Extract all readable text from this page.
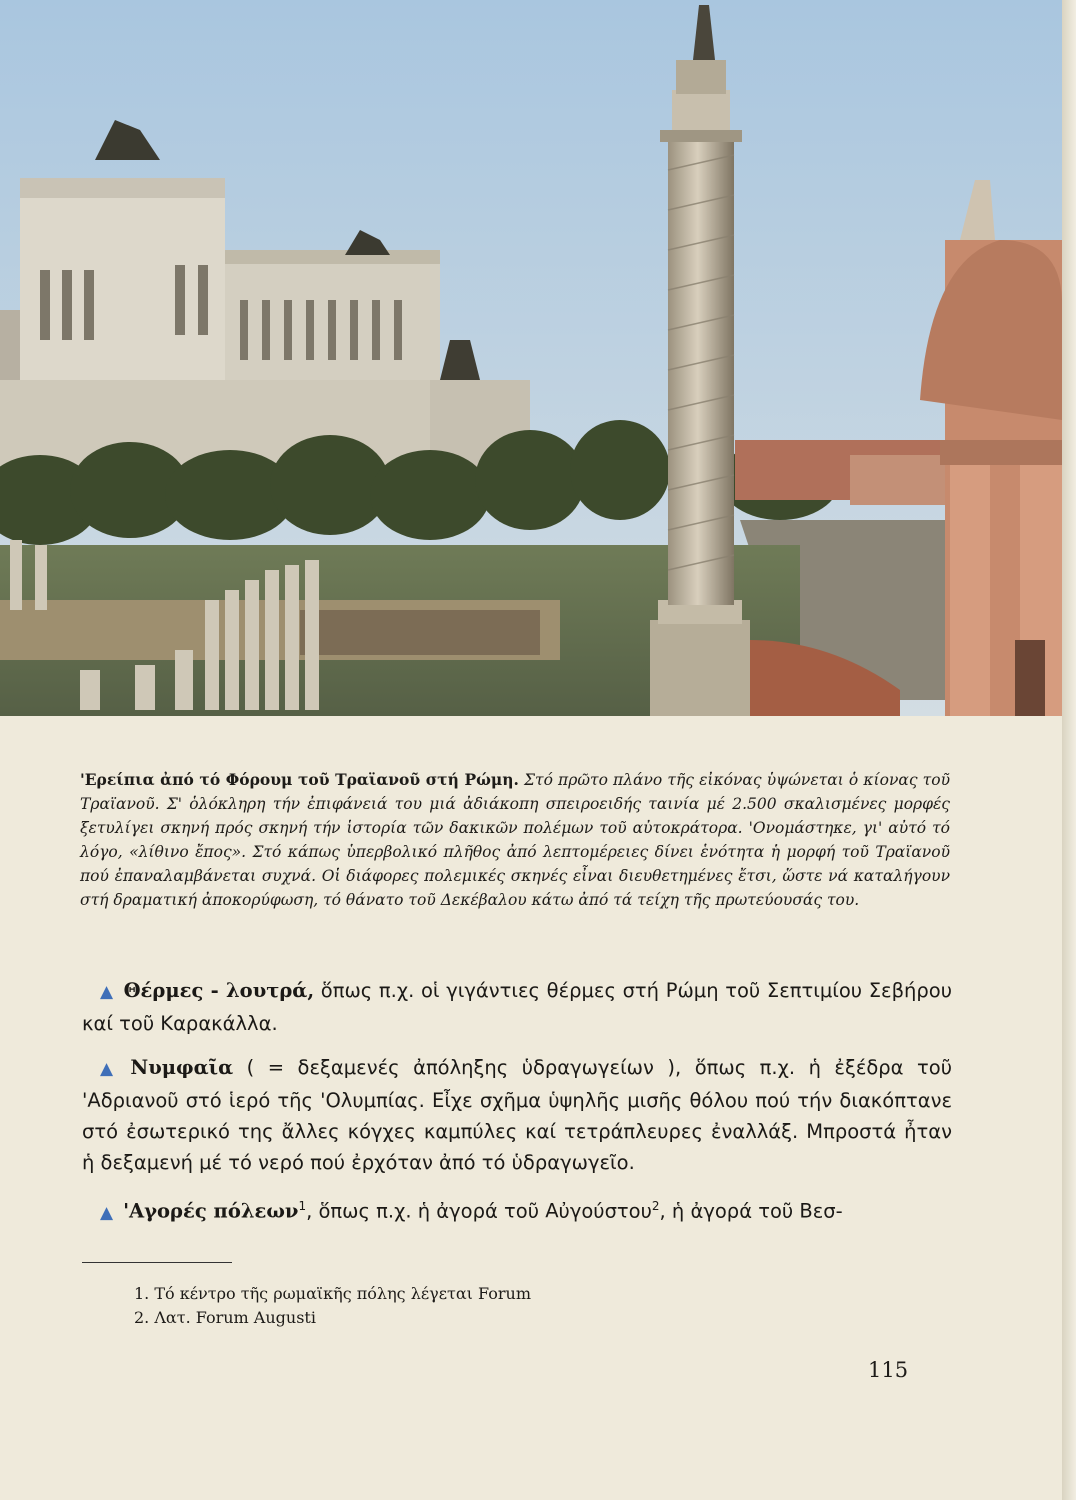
'Ερείπια ἀπό τό Φόρουμ τοῦ Τραϊανοῦ στή Ρώμη. Στό πρῶτο πλάνο τῆς εἰκόνας ὑψώνεται ὁ κίονας τοῦ Τραϊανοῦ. Σ' ὁλόκληρη τήν ἐπιφάνειά του μιά ἀδιάκοπη σπειροειδής ταινία μέ 2.500 σκαλισμένες μορφές ξετυλίγει σκηνή πρός σκηνή τήν ἱστορία τῶν δακικῶν πολέμων τοῦ αὐτοκράτορα. 'Ονομάστηκε, γι' αὐτό τό λόγο, «λίθινο ἔπος». Στό κάπως ὑπερβολικό πλῆθος ἀπό λεπτομέρειες δίνει ἑνότητα ἡ μορφή τοῦ Τραϊανοῦ πού ἐπαναλαμβάνεται συχνά. Οἱ διάφορες πολεμικές σκηνές εἶναι διευθετημένες ἔτσι, ὥστε νά καταλήγουν στή δραματική ἀποκορύφωση, τό θάνατο τοῦ Δεκέβαλου κάτω ἀπό τά τείχη τῆς πρωτεύουσάς του.

▲ Θέρμες - λουτρά, ὅπως π.χ. οἱ γιγάντιες θέρμες στή Ρώμη τοῦ Σεπτιμίου Σεβήρου καί τοῦ Καρακάλλα.

▲ Νυμφαῖα ( = δεξαμενές ἀπόληξης ὑδραγωγείων ), ὅπως π.χ. ἡ ἐξέδρα τοῦ 'Αδριανοῦ στό ἱερό τῆς 'Ολυμπίας. Εἶχε σχῆμα ὑψηλῆς μισῆς θόλου πού τήν διακόπτανε στό ἐσωτερικό της ἄλλες κόγχες καμπύλες καί τετράπλευρες ἐναλλάξ. Μπροστά ἦταν ἡ δεξαμενή μέ τό νερό πού ἐρχόταν ἀπό τό ὑδραγωγεῖο.

▲ 'Αγορές πόλεων$^1$, ὅπως π.χ. ἡ ἀγορά τοῦ Αὐγούστου$^2$, ἡ ἀγορά τοῦ Βεσ-

1. Τό κέντρο τῆς ρωμαϊκῆς πόλης λέγεται Forum
2. Λατ. Forum Augusti
115
